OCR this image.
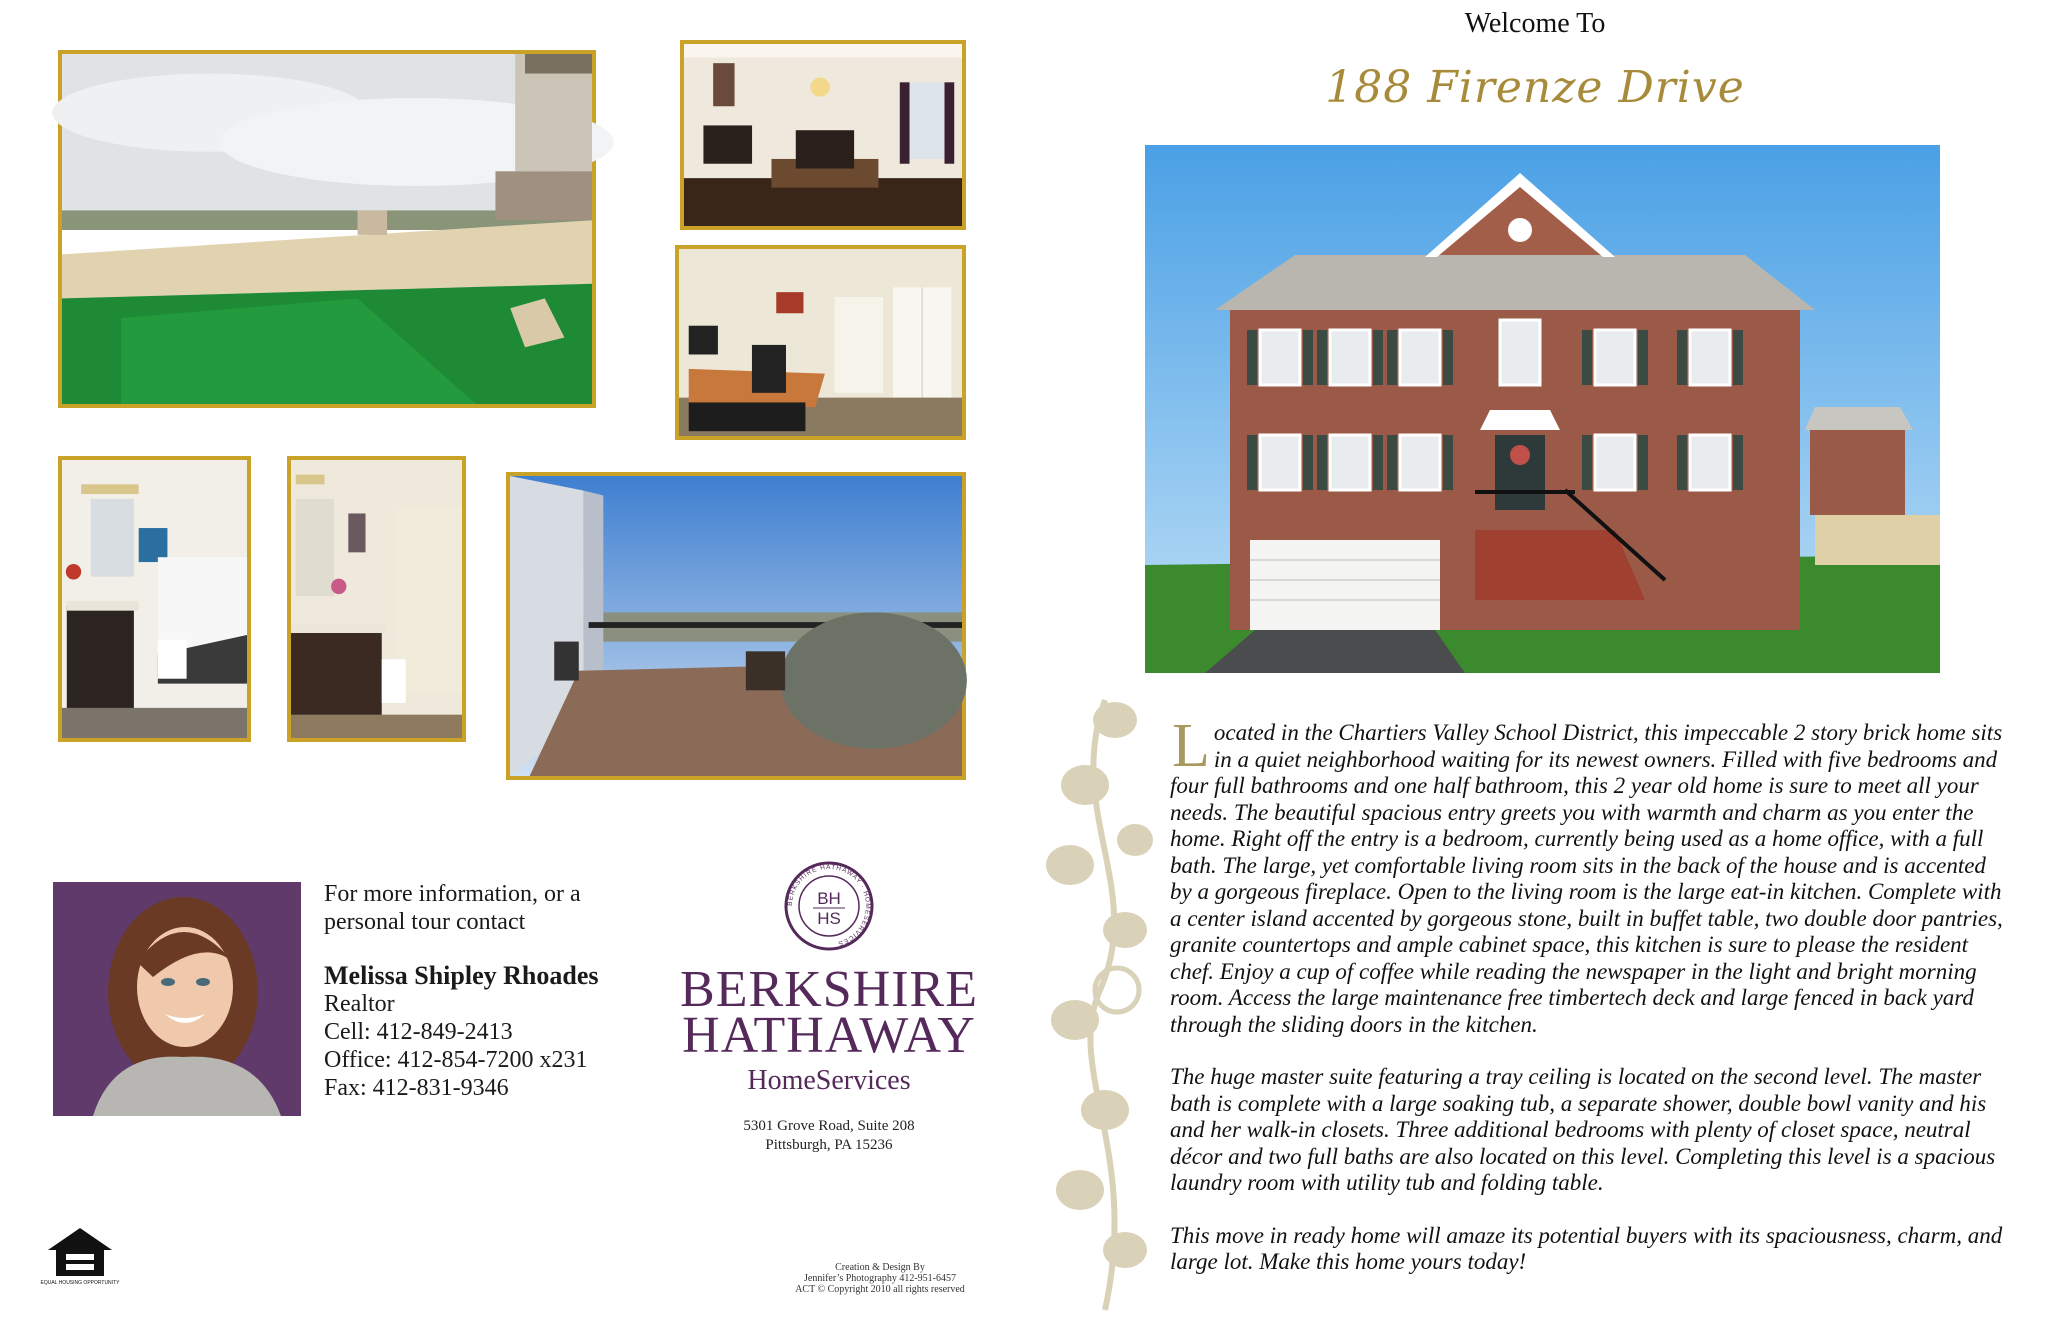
For more information, or a
personal tour contact

Melissa Shipley Rhoades

Realtor

Cell: 412-849-2413

Office: 412-854-7200 x231

Fax: 412-831-9346

BERKSHIRE HATHAWAY · HOMESERVICES
BH
HS
BERKSHIRE
HATHAWAY
HomeServices
5301 Grove Road, Suite 208
Pittsburgh, PA 15236
EQUAL HOUSING OPPORTUNITY
Creation & Design By
Jennifer’s Photography 412-951-6457
ACT © Copyright 2010 all rights reserved
Welcome To
188 Firenze Drive

Located in the Chartiers Valley School District, this impeccable 2 story brick home sits in a quiet neighborhood waiting for its newest owners. Filled with five bedrooms and four full bathrooms and one half bathroom, this 2 year old home is sure to meet all your needs. The beautiful spacious entry greets you with warmth and charm as you enter the home. Right off the entry is a bedroom, currently being used as a home office, with a full bath. The large, yet comfortable living room sits in the back of the house and is accented by a gorgeous fireplace. Open to the living room is the large eat-in kitchen. Complete with a center island accented by gorgeous stone, built in buffet table, two double door pantries, granite countertops and ample cabinet space, this kitchen is sure to please the resident chef. Enjoy a cup of coffee while reading the newspaper in the light and bright morning room. Access the large maintenance free timbertech deck and large fenced in back yard through the sliding doors in the kitchen.

The huge master suite featuring a tray ceiling is located on the second level. The master bath is complete with a large soaking tub, a separate shower, double bowl vanity and his and her walk-in closets. Three additional bedrooms with plenty of closet space, neutral décor and two full baths are also located on this level. Completing this level is a spacious laundry room with utility tub and folding table.

This move in ready home will amaze its potential buyers with its spaciousness, charm, and large lot. Make this home yours today!
